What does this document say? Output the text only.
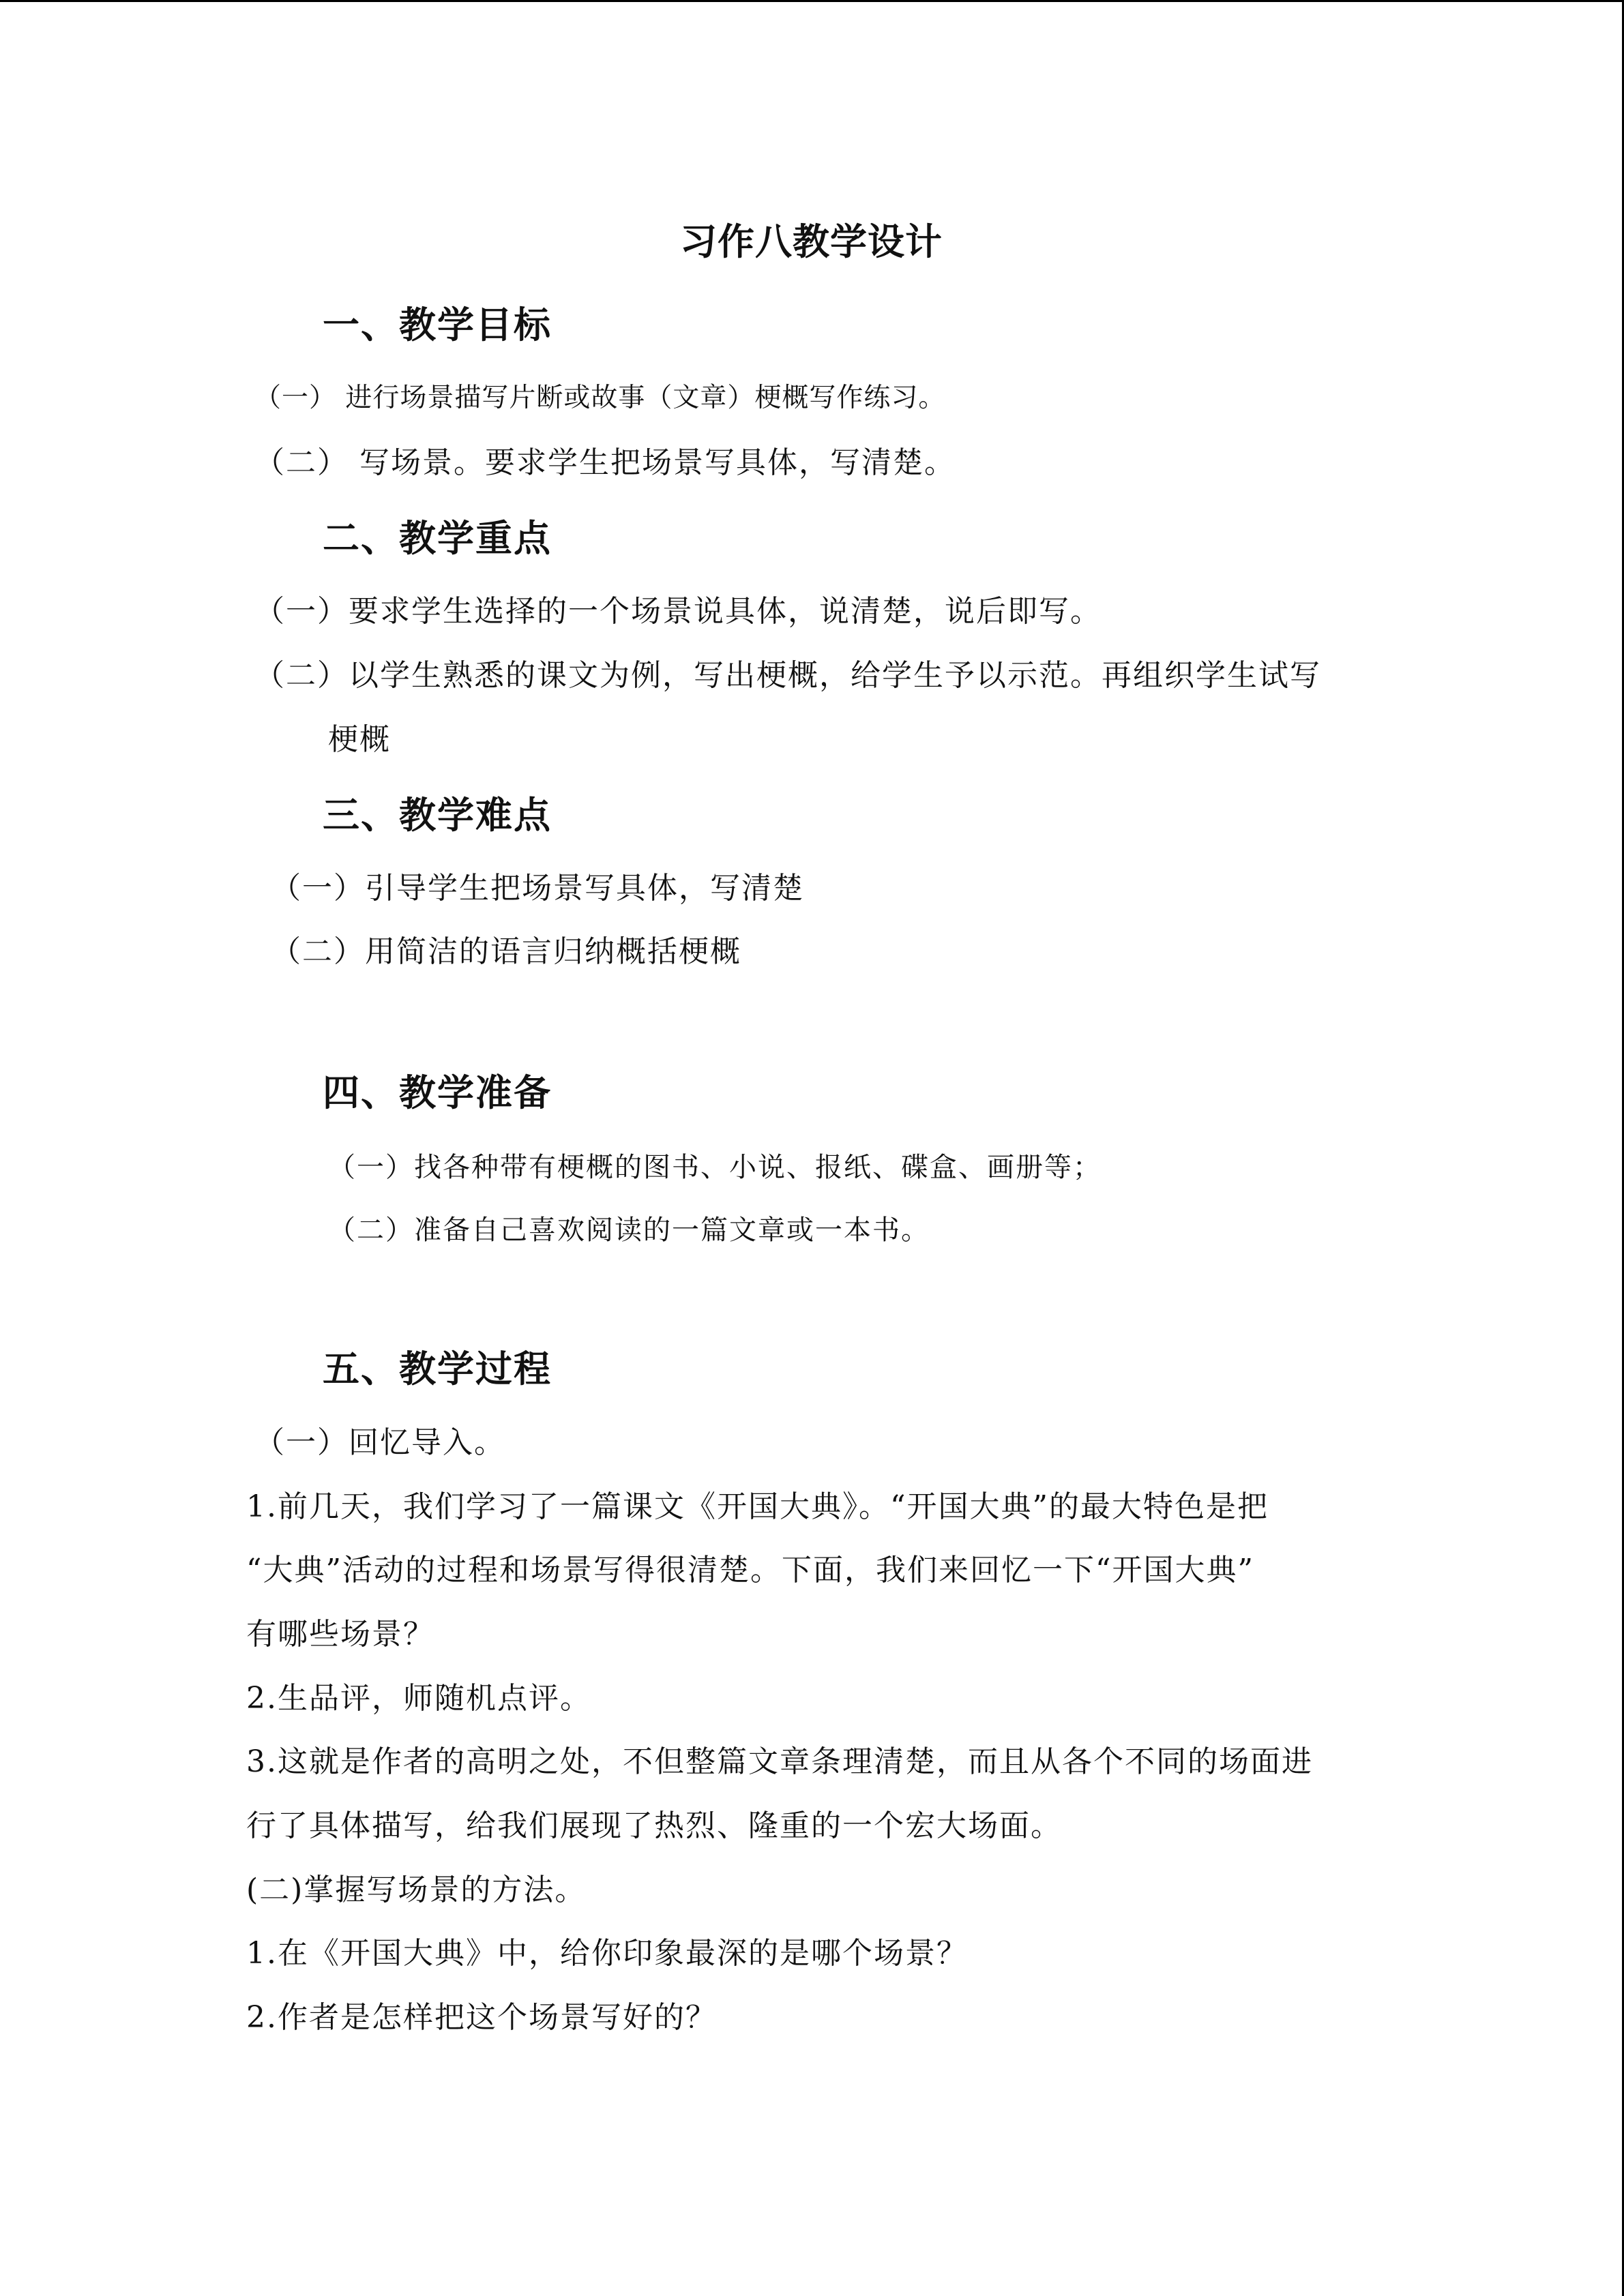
习作八教学设计
一、教学目标
（一） 进行场景描写片断或故事（文章）梗概写作练习。
（二） 写场景。要求学生把场景写具体，写清楚。
二、教学重点
（一）要求学生选择的一个场景说具体，说清楚，说后即写。
（二）以学生熟悉的课文为例，写出梗概，给学生予以示范。再组织学生试写
梗概
三、教学难点
（一）引导学生把场景写具体，写清楚
（二）用简洁的语言归纳概括梗概
四、教学准备
（一）找各种带有梗概的图书、小说、报纸、碟盒、画册等；
（二）准备自己喜欢阅读的一篇文章或一本书。
五、教学过程
（一）回忆导入。
1.前几天，我们学习了一篇课文《开国大典》。“开国大典”的最大特色是把
“大典”活动的过程和场景写得很清楚。下面，我们来回忆一下“开国大典”
有哪些场景？
2.生品评，师随机点评。
3.这就是作者的高明之处，不但整篇文章条理清楚，而且从各个不同的场面进
行了具体描写，给我们展现了热烈、隆重的一个宏大场面。
(二)掌握写场景的方法。
1.在《开国大典》中，给你印象最深的是哪个场景？
2.作者是怎样把这个场景写好的？
